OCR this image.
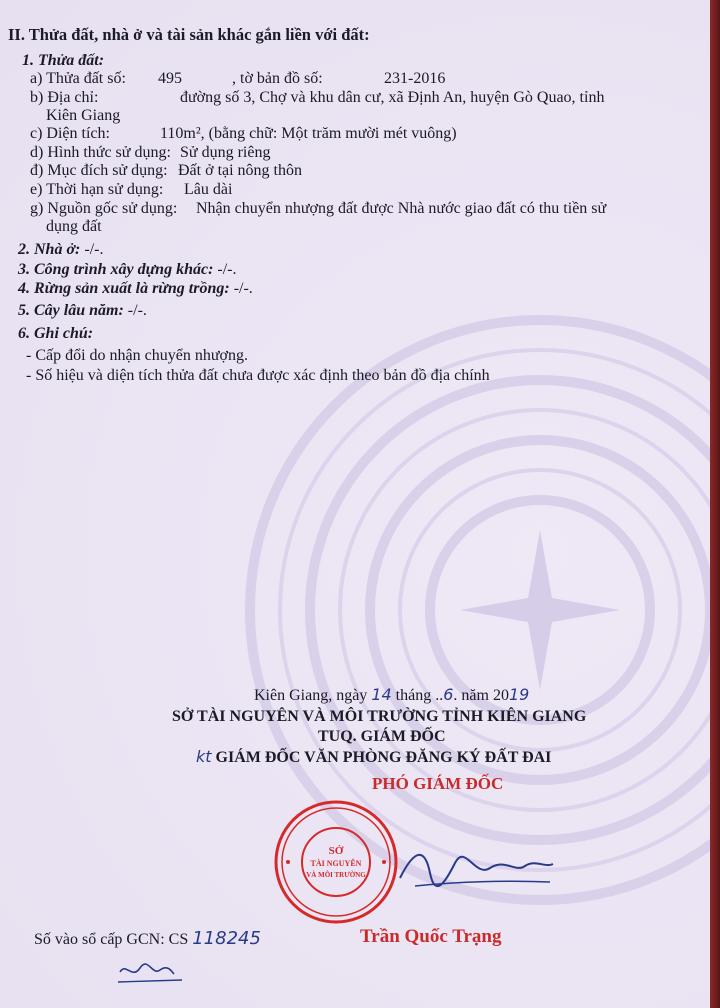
II. Thửa đất, nhà ở và tài sản khác gắn liền với đất:
1. Thửa đất:
a) Thửa đất số: 495	, tờ bản đồ số:	231-2016
b) Địa chỉ:	đường số 3, Chợ và khu dân cư, xã Định An, huyện Gò Quao, tỉnh
Kiên Giang
c) Diện tích:	110m², (bằng chữ: Một trăm mười mét vuông)
d) Hình thức sử dụng: Sử dụng riêng
đ) Mục đích sử dụng: Đất ở tại nông thôn
e) Thời hạn sử dụng: Lâu dài
g) Nguồn gốc sử dụng: Nhận chuyển nhượng đất được Nhà nước giao đất có thu tiền sử
dụng đất
2. Nhà ở: -/-.
3. Công trình xây dựng khác: -/-.
4. Rừng sản xuất là rừng trồng: -/-.
5. Cây lâu năm: -/-.
6. Ghi chú:
- Cấp đổi do nhận chuyển nhượng.
- Số hiệu và diện tích thửa đất chưa được xác định theo bản đồ địa chính
Kiên Giang, ngày 14 tháng ..6. năm 2019
SỞ TÀI NGUYÊN VÀ MÔI TRƯỜNG TỈNH KIÊN GIANG
TUQ. GIÁM ĐỐC
kt GIÁM ĐỐC VĂN PHÒNG ĐĂNG KÝ ĐẤT ĐAI
PHÓ GIÁM ĐỐC
SỞ
TÀI NGUYÊN
VÀ MÔI TRƯỜNG
Trần Quốc Trạng
Số vào sổ cấp GCN: CS 118245
